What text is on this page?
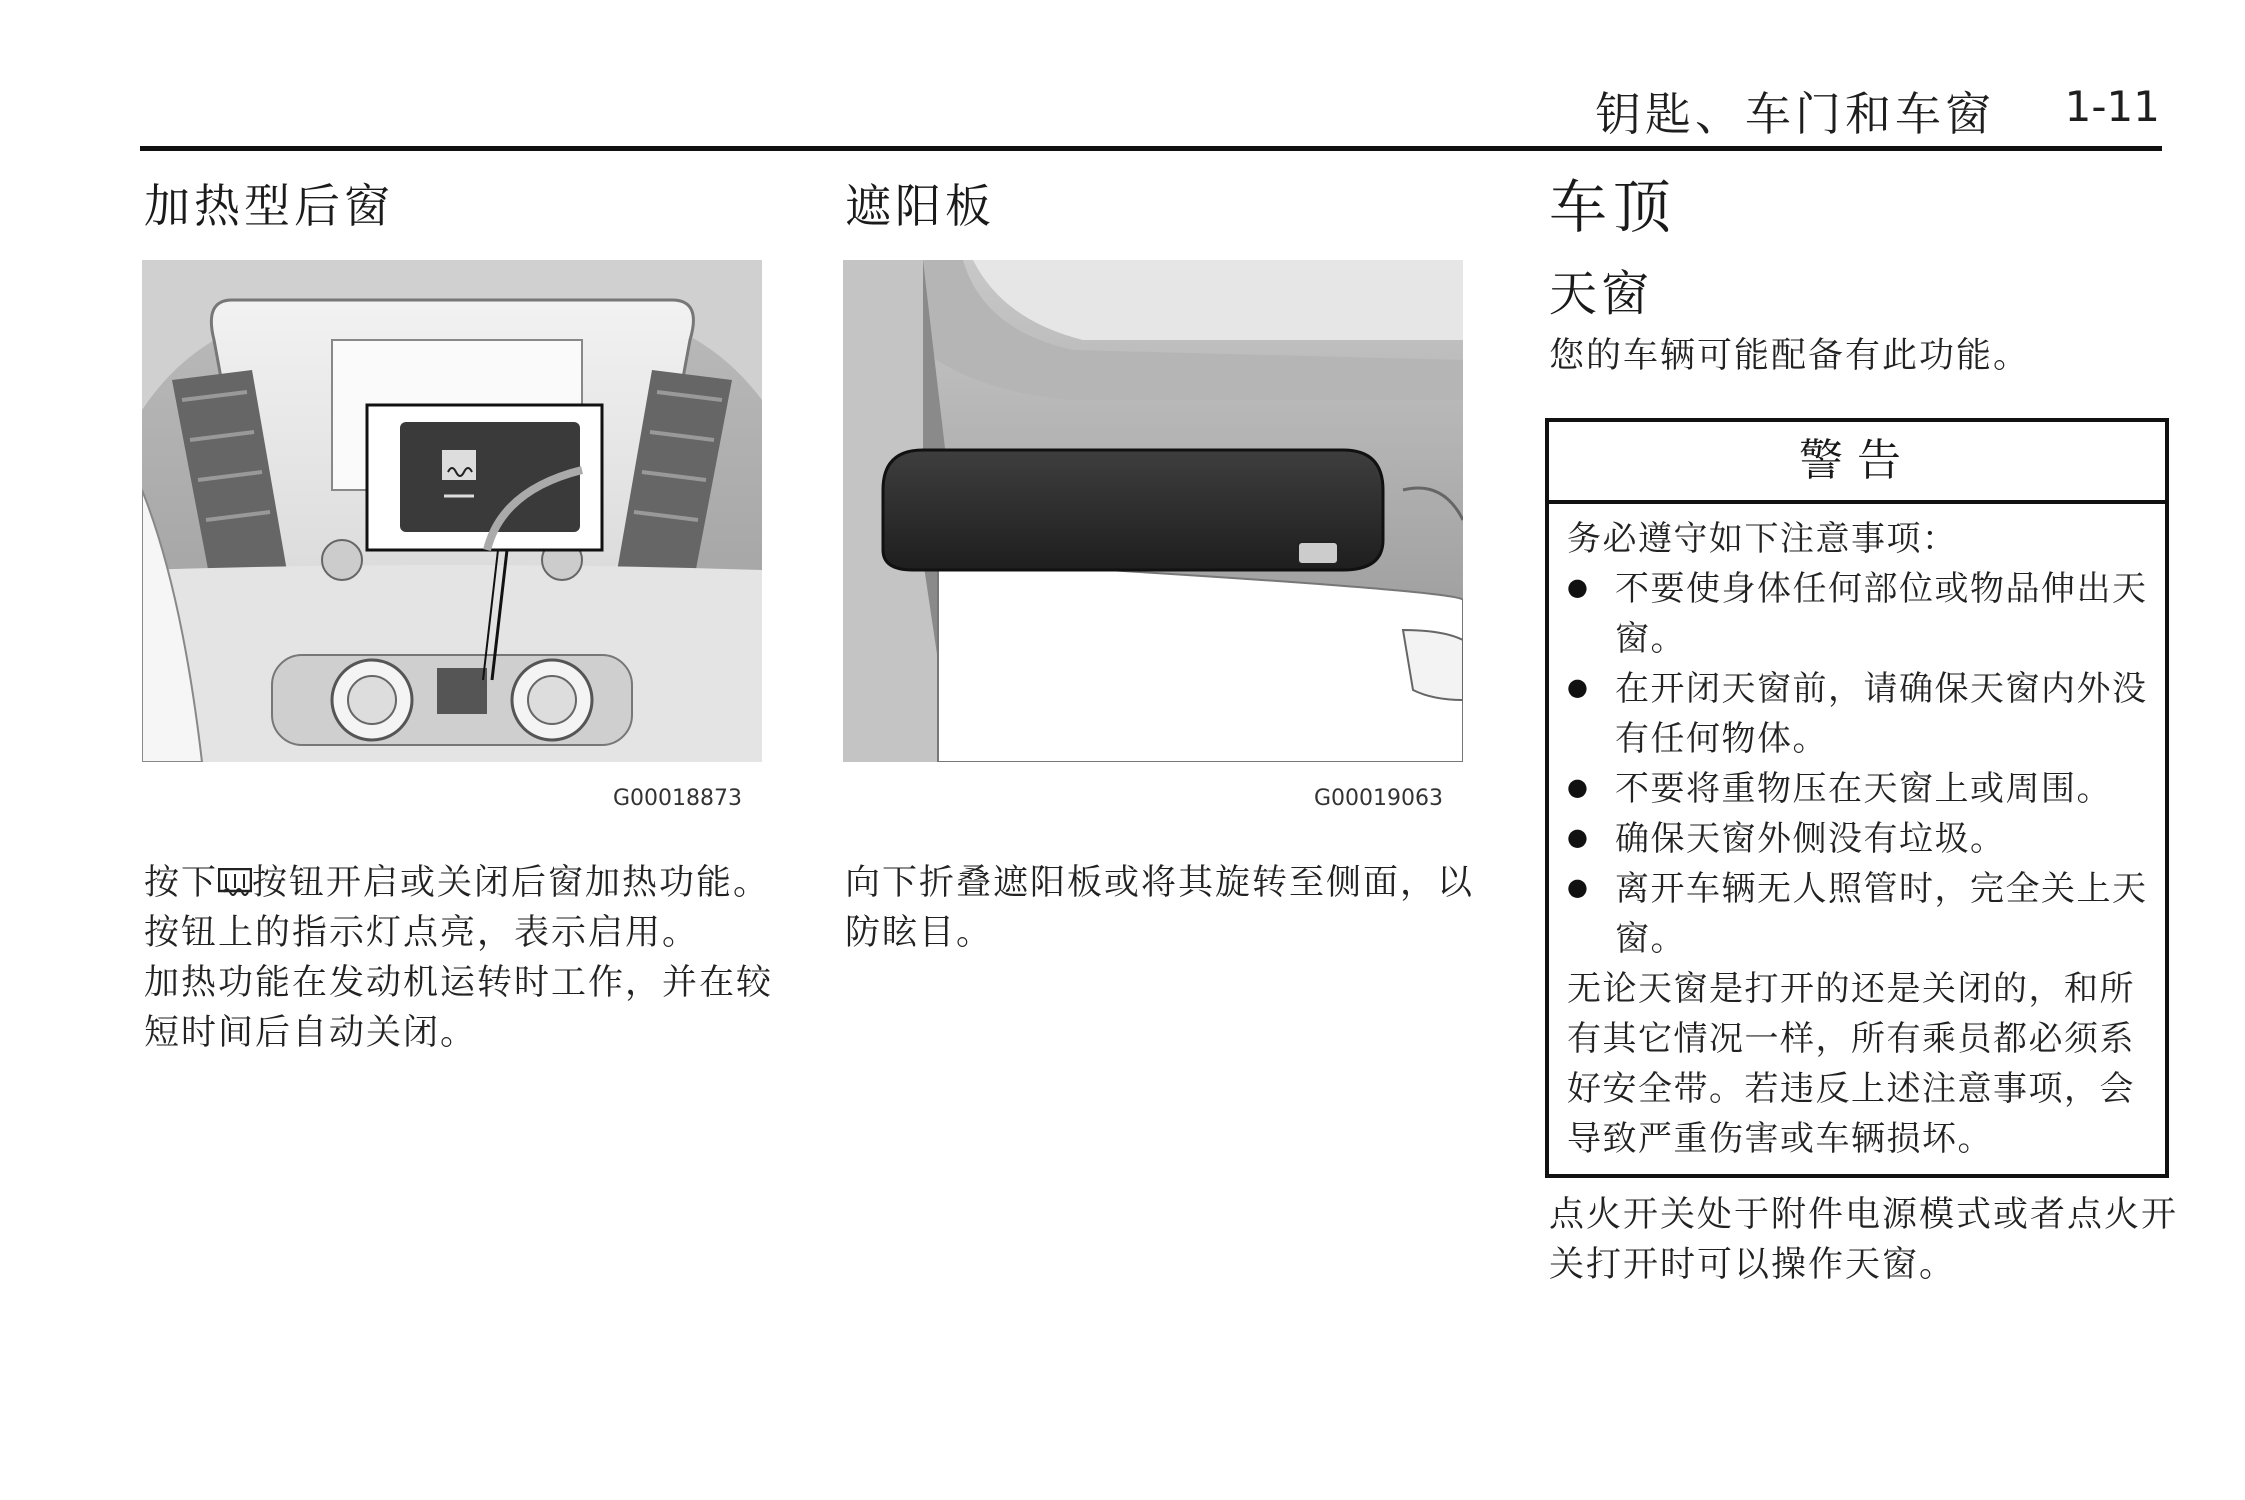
钥匙、车门和车窗 1-11
加热型后窗
G00018873

按下 按钮开启或关闭后窗加热功能。

按钮上的指示灯点亮，表示启用。

加热功能在发动机运转时工作，并在较短时间后自动关闭。

遮阳板
G00019063

向下折叠遮阳板或将其旋转至侧面，以防眩目。

车顶
天窗
您的车辆可能配备有此功能。
警告

务必遵守如下注意事项：

● 不要使身体任何部位或物品伸出天窗。
● 在开闭天窗前，请确保天窗内外没有任何物体。
● 不要将重物压在天窗上或周围。
● 确保天窗外侧没有垃圾。
● 离开车辆无人照管时，完全关上天窗。

无论天窗是打开的还是关闭的，和所有其它情况一样，所有乘员都必须系好安全带。若违反上述注意事项，会导致严重伤害或车辆损坏。

点火开关处于附件电源模式或者点火开关打开时可以操作天窗。
